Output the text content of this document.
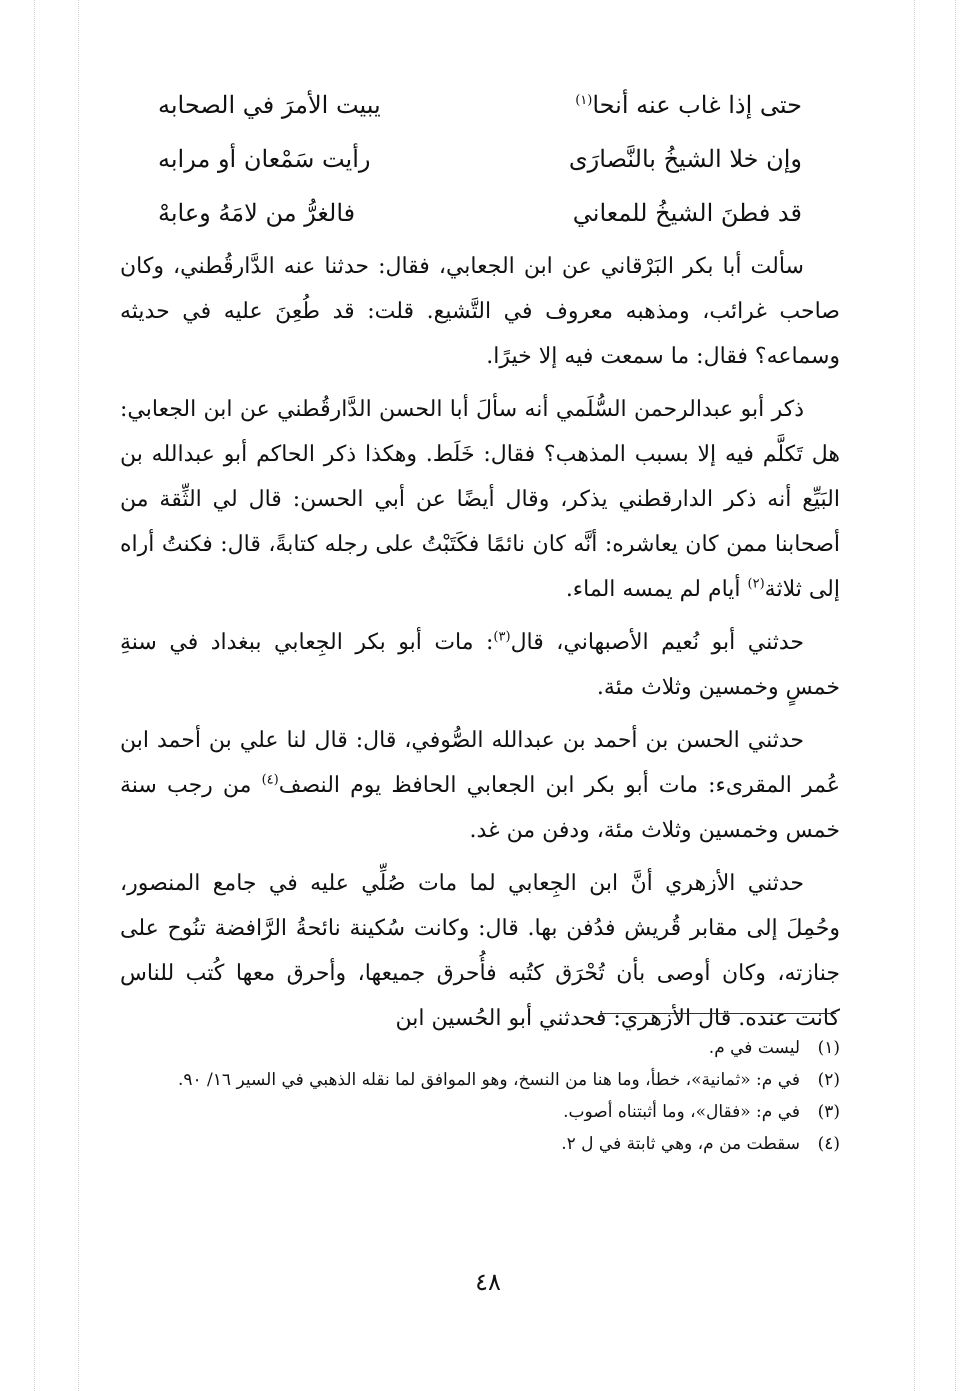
حتى إذا غاب عنه أنحا$^{(١)}$
يبيت الأمرَ في الصحابه
وإن خلا الشيخُ بالنَّصارَى
رأيت سَمْعان أو مرابه
قد فطنَ الشيخُ للمعاني
فالغرُّ من لامَهُ وعابهْ

سألت أبا بكر البَرْقاني عن ابن الجعابي، فقال: حدثنا عنه الدَّارقُطني، وكان صاحب غرائب، ومذهبه معروف في التَّشيع. قلت: قد طُعِنَ عليه في حديثه وسماعه؟ فقال: ما سمعت فيه إلا خيرًا.

ذكر أبو عبدالرحمن السُّلَمي أنه سألَ أبا الحسن الدَّارقُطني عن ابن الجعابي: هل تَكلَّم فيه إلا بسبب المذهب؟ فقال: خَلَط. وهكذا ذكر الحاكم أبو عبدالله بن البَيِّع أنه ذكر الدارقطني يذكر، وقال أيضًا عن أبي الحسن: قال لي الثِّقة من أصحابنا ممن كان يعاشره: أنَّه كان نائمًا فكَتَبْتُ على رجله كتابةً، قال: فكنتُ أراه إلى ثلاثة$^{(٢)}$ أيام لم يمسه الماء.

حدثني أبو نُعيم الأصبهاني، قال$^{(٣)}$: مات أبو بكر الجِعابي ببغداد في سنةِ خمسٍ وخمسين وثلاث مئة.

حدثني الحسن بن أحمد بن عبدالله الصُّوفي، قال: قال لنا علي بن أحمد ابن عُمر المقرىء: مات أبو بكر ابن الجعابي الحافظ يوم النصف$^{(٤)}$ من رجب سنة خمس وخمسين وثلاث مئة، ودفن من غد.

حدثني الأزهري أنَّ ابن الجِعابي لما مات صُلِّي عليه في جامع المنصور، وحُمِلَ إلى مقابر قُريش فدُفن بها. قال: وكانت سُكينة نائحةُ الرَّافضة تنُوح على جنازته، وكان أوصى بأن تُحْرَق كتُبه فأُحرق جميعها، وأحرق معها كُتب للناس كانت عنده. قال الأزهري: فحدثني أبو الحُسين ابن

(١)
ليست في م.
(٢)
في م: «ثمانية»، خطأ، وما هنا من النسخ، وهو الموافق لما نقله الذهبي في السير ١٦/ ٩٠.
(٣)
في م: «فقال»، وما أثبتناه أصوب.
(٤)
سقطت من م، وهي ثابتة في ل ٢.
٤٨
